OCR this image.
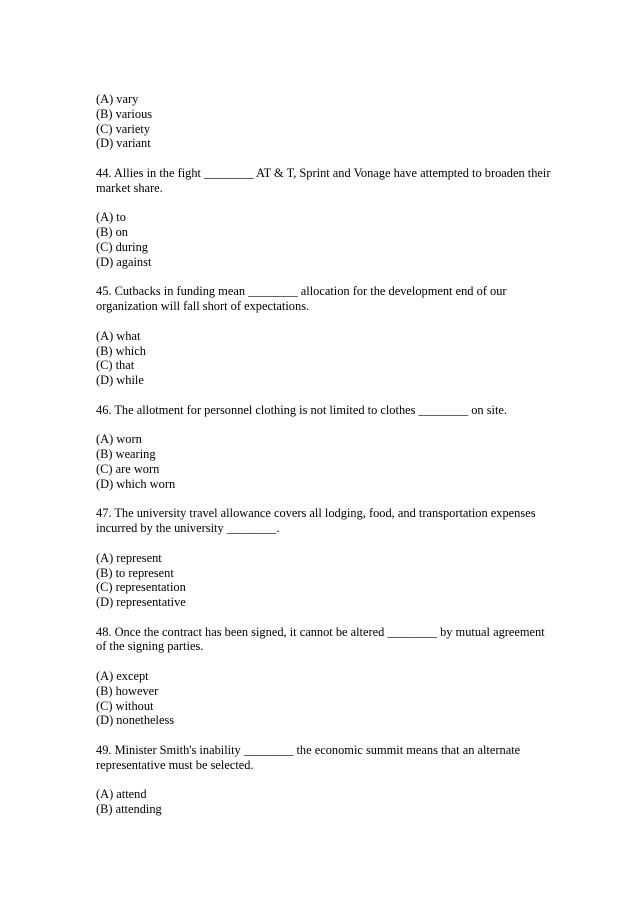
(A) vary
(B) various
(C) variety
(D) variant

44. Allies in the fight ________ AT & T, Sprint and Vonage have attempted to broaden their market share.

(A) to
(B) on
(C) during
(D) against

45. Cutbacks in funding mean ________ allocation for the development end of our organization will fall short of expectations.

(A) what
(B) which
(C) that
(D) while

46. The allotment for personnel clothing is not limited to clothes ________ on site.

(A) worn
(B) wearing
(C) are worn
(D) which worn

47. The university travel allowance covers all lodging, food, and transportation expenses incurred by the university ________.

(A) represent
(B) to represent
(C) representation
(D) representative

48. Once the contract has been signed, it cannot be altered ________ by mutual agreement of the signing parties.

(A) except
(B) however
(C) without
(D) nonetheless

49. Minister Smith's inability ________ the economic summit means that an alternate representative must be selected.

(A) attend
(B) attending
